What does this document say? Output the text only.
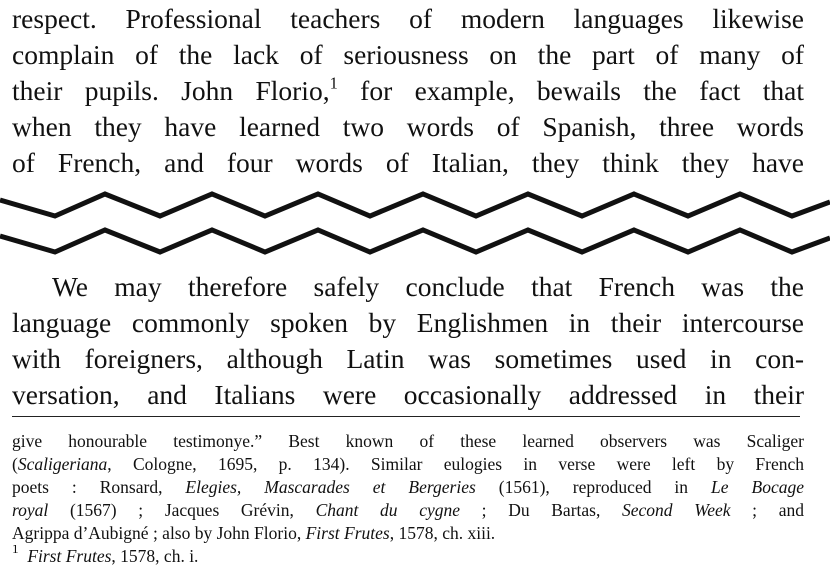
respect. Professional teachers of modern languages likewise
complain of the lack of seriousness on the part of many of
their pupils. John Florio,$^1$ for example, bewails the fact that
when they have learned two words of Spanish, three words
of French, and four words of Italian, they think they have
We may therefore safely conclude that French was the
language commonly spoken by Englishmen in their intercourse
with foreigners, although Latin was sometimes used in con-
versation, and Italians were occasionally addressed in their
give honourable testimonye.” Best known of these learned observers was Scaliger
(Scaligeriana, Cologne, 1695, p. 134). Similar eulogies in verse were left by French
poets : Ronsard, Elegies, Mascarades et Bergeries (1561), reproduced in Le Bocage
royal (1567) ; Jacques Grévin, Chant du cygne ; Du Bartas, Second Week ; and
Agrippa d’Aubigné ; also by John Florio, First Frutes, 1578, ch. xiii.
$^1$ First Frutes, 1578, ch. i.
